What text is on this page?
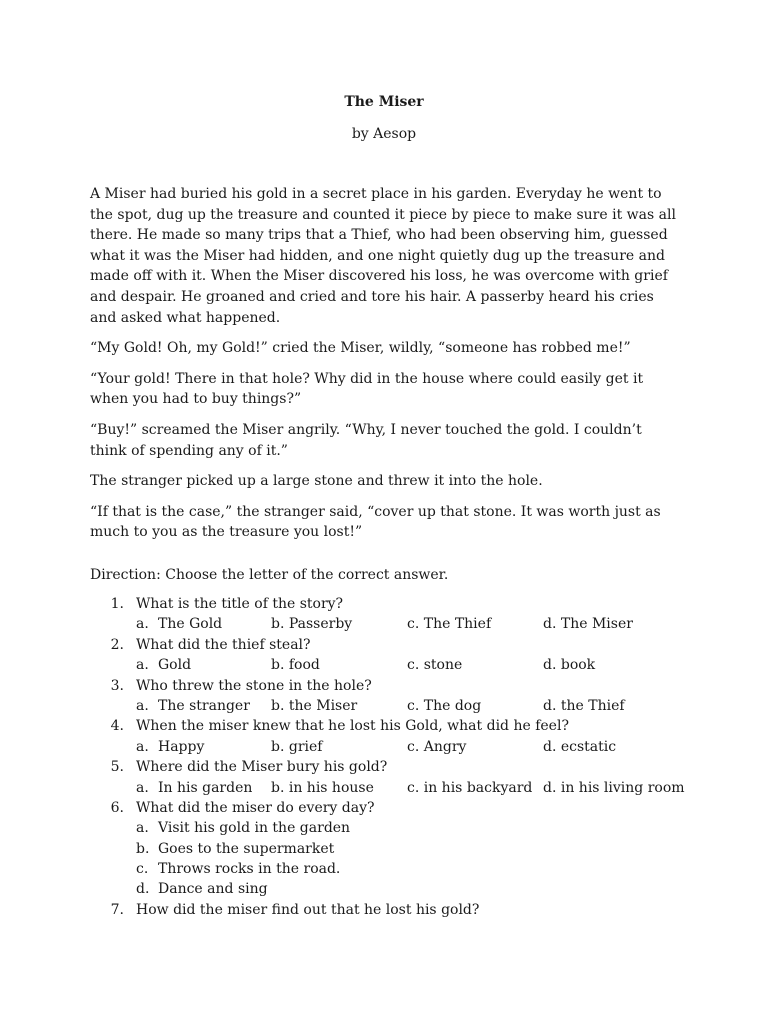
The Miser
by Aesop

A Miser had buried his gold in a secret place in his garden. Everyday he went to the spot, dug up the treasure and counted it piece by piece to make sure it was all there. He made so many trips that a Thief, who had been observing him, guessed what it was the Miser had hidden, and one night quietly dug up the treasure and made off with it. When the Miser discovered his loss, he was overcome with grief and despair. He groaned and cried and tore his hair. A passerby heard his cries and asked what happened.

“My Gold! Oh, my Gold!” cried the Miser, wildly, “someone has robbed me!”

“Your gold! There in that hole? Why did in the house where could easily get it when you had to buy things?”

“Buy!” screamed the Miser angrily. “Why, I never touched the gold. I couldn’t think of spending any of it.”

The stranger picked up a large stone and threw it into the hole.

“If that is the case,” the stranger said, “cover up that stone. It was worth just as much to you as the treasure you lost!”

Direction: Choose the letter of the correct answer.

1. What is the title of the story?
a. The Gold	b. Passerby	c. The Thief	d. The Miser
2. What did the thief steal?
a. Gold	b. food	c. stone	d. book
3. Who threw the stone in the hole?
a. The stranger b. the Miser	c. The dog	d. the Thief
4. When the miser knew that he lost his Gold, what did he feel?
a. Happy	b. grief	c. Angry	d. ecstatic
5. Where did the Miser bury his gold?
a. In his garden b. in his house c. in his backyard d. in his living room
6. What did the miser do every day?
a. Visit his gold in the garden
b. Goes to the supermarket
c. Throws rocks in the road.
d. Dance and sing
7. How did the miser find out that he lost his gold?
